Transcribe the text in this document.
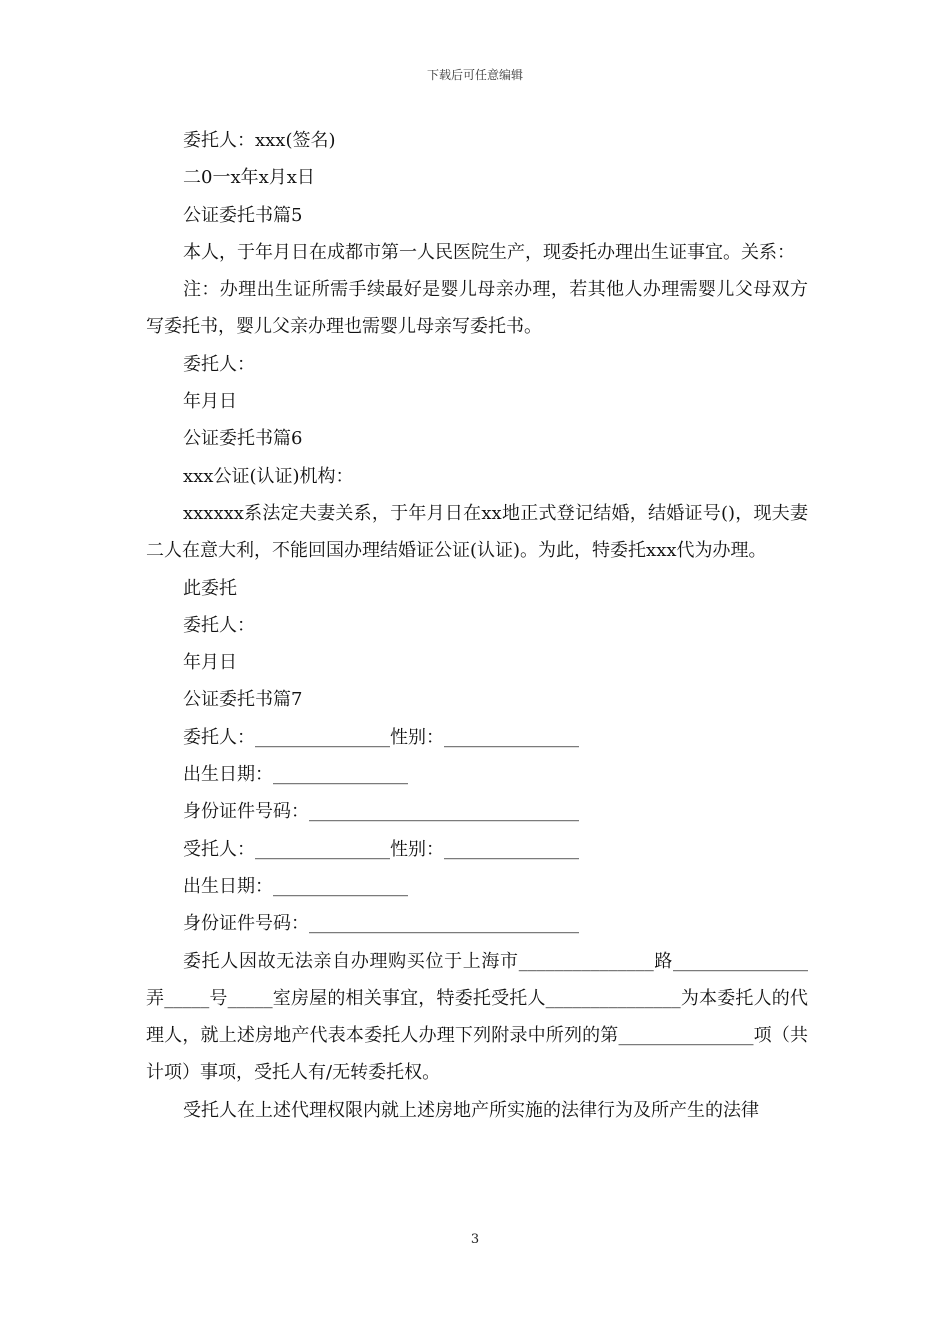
下载后可任意编辑

委托人：xxx(签名)

二0一x年x月x日

公证委托书篇5

本人，于年月日在成都市第一人民医院生产，现委托办理出生证事宜。关系：

注：办理出生证所需手续最好是婴儿母亲办理，若其他人办理需婴儿父母双方写委托书，婴儿父亲办理也需婴儿母亲写委托书。

委托人：

年月日

公证委托书篇6

xxx公证(认证)机构：

xxxxxx系法定夫妻关系，于年月日在xx地正式登记结婚，结婚证号()，现夫妻二人在意大利，不能回国办理结婚证公证(认证)。为此，特委托xxx代为办理。

此委托

委托人：

年月日

公证委托书篇7

委托人：_______________性别：_______________

出生日期：_______________

身份证件号码：______________________________

受托人：_______________性别：_______________

出生日期：_______________

身份证件号码：______________________________

委托人因故无法亲自办理购买位于上海市_______________路_______________弄_____号_____室房屋的相关事宜，特委托受托人_______________为本委托人的代理人，就上述房地产代表本委托人办理下列附录中所列的第_______________项（共计项）事项，受托人有/无转委托权。

受托人在上述代理权限内就上述房地产所实施的法律行为及所产生的法律

3
